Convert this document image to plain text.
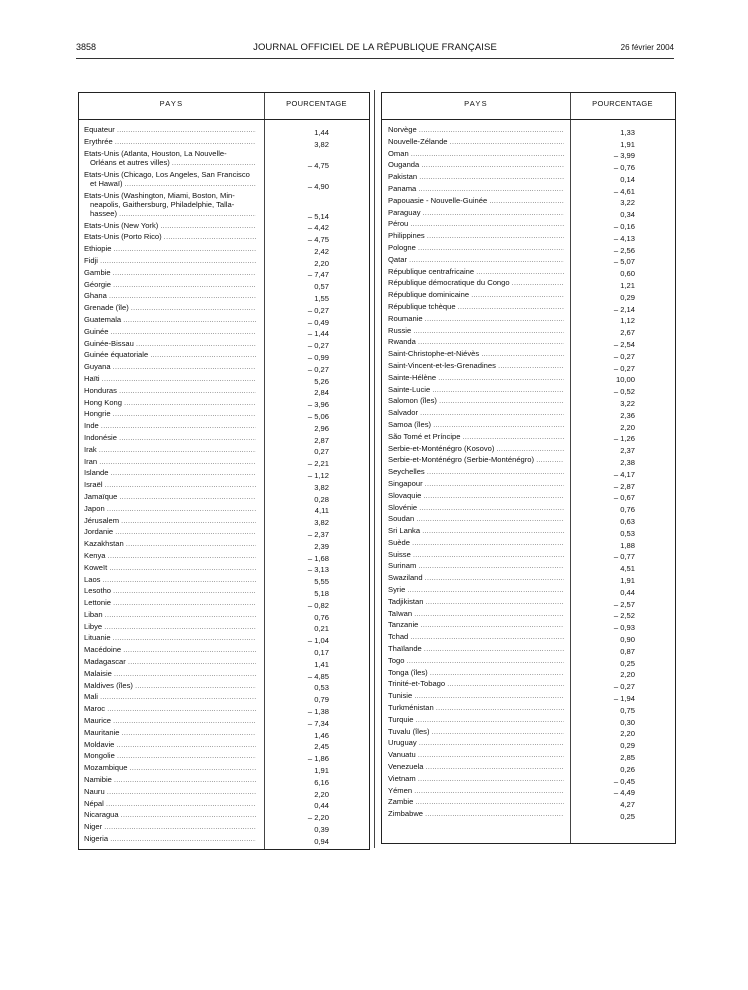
3858	JOURNAL OFFICIEL DE LA RÉPUBLIQUE FRANÇAISE	26 février 2004
PAYS	POURCENTAGE
Equateur .....	1,44
Erythrée .....	3,82
Etats-Unis (Atlanta, Houston, La Nouvelle-
Orléans et autres villes) .....	– 4,75
Etats-Unis (Chicago, Los Angeles, San Francisco
et Hawaï) .....	– 4,90
Etats-Unis (Washington, Miami, Boston, Min-
neapolis, Gaithersburg, Philadelphie, Talla-
hassee) .....	– 5,14
Etats-Unis (New York) .....	– 4,42
Etats-Unis (Porto Rico) .....	– 4,75
Ethiopie .....	2,42
Fidji .....	2,20
Gambie .....	– 7,47
Géorgie .....	0,57
Ghana .....	1,55
Grenade (île) .....	– 0,27
Guatemala .....	– 0,49
Guinée .....	– 1,44
Guinée-Bissau .....	– 0,27
Guinée équatoriale .....	– 0,99
Guyana .....	– 0,27
Haïti .....	5,26
Honduras .....	2,84
Hong Kong .....	– 3,96
Hongrie .....	– 5,06
Inde .....	2,96
Indonésie .....	2,87
Irak .....	0,27
Iran .....	– 2,21
Islande .....	– 1,12
Israël .....	3,82
Jamaïque .....	0,28
Japon .....	4,11
Jérusalem .....	3,82
Jordanie .....	– 2,37
Kazakhstan .....	2,39
Kenya .....	– 1,68
Koweït .....	– 3,13
Laos .....	5,55
Lesotho .....	5,18
Lettonie .....	– 0,82
Liban .....	0,76
Libye .....	0,21
Lituanie .....	– 1,04
Macédoine .....	0,17
Madagascar .....	1,41
Malaisie .....	– 4,85
Maldives (îles) .....	0,53
Mali .....	0,79
Maroc .....	– 1,38
Maurice .....	– 7,34
Mauritanie .....	1,46
Moldavie .....	2,45
Mongolie .....	– 1,86
Mozambique .....	1,91
Namibie .....	6,16
Nauru .....	2,20
Népal .....	0,44
Nicaragua .....	– 2,20
Niger .....	0,39
Nigeria .....	0,94
PAYS	POURCENTAGE
Norvège .....	1,33
Nouvelle-Zélande .....	1,91
Oman .....	– 3,99
Ouganda .....	– 0,76
Pakistan .....	0,14
Panama .....	– 4,61
Papouasie - Nouvelle-Guinée .....	3,22
Paraguay .....	0,34
Pérou .....	– 0,16
Philippines .....	– 4,13
Pologne .....	– 2,56
Qatar .....	– 5,07
République centrafricaine .....	0,60
République démocratique du Congo .....	1,21
République dominicaine .....	0,29
République tchèque .....	– 2,14
Roumanie .....	1,12
Russie .....	2,67
Rwanda .....	– 2,54
Saint-Christophe-et-Niévès .....	– 0,27
Saint-Vincent-et-les-Grenadines .....	– 0,27
Sainte-Hélène .....	10,00
Sainte-Lucie .....	– 0,52
Salomon (îles) .....	3,22
Salvador .....	2,36
Samoa (îles) .....	2,20
São Tomé et Príncipe .....	– 1,26
Serbie-et-Monténégro (Kosovo) .....	2,37
Serbie-et-Monténégro (Serbie-Monténégro) .....	2,38
Seychelles .....	– 4,17
Singapour .....	– 2,87
Slovaquie .....	– 0,67
Slovénie .....	0,76
Soudan .....	0,63
Sri Lanka .....	0,53
Suède .....	1,88
Suisse .....	– 0,77
Surinam .....	4,51
Swaziland .....	1,91
Syrie .....	0,44
Tadjikistan .....	– 2,57
Taïwan .....	– 2,52
Tanzanie .....	– 0,93
Tchad .....	0,90
Thaïlande .....	0,87
Togo .....	0,25
Tonga (îles) .....	2,20
Trinité-et-Tobago .....	– 0,27
Tunisie .....	– 1,94
Turkménistan .....	0,75
Turquie .....	0,30
Tuvalu (îles) .....	2,20
Uruguay .....	0,29
Vanuatu .....	2,85
Venezuela .....	0,26
Vietnam .....	– 0,45
Yémen .....	– 4,49
Zambie .....	4,27
Zimbabwe .....	0,25
